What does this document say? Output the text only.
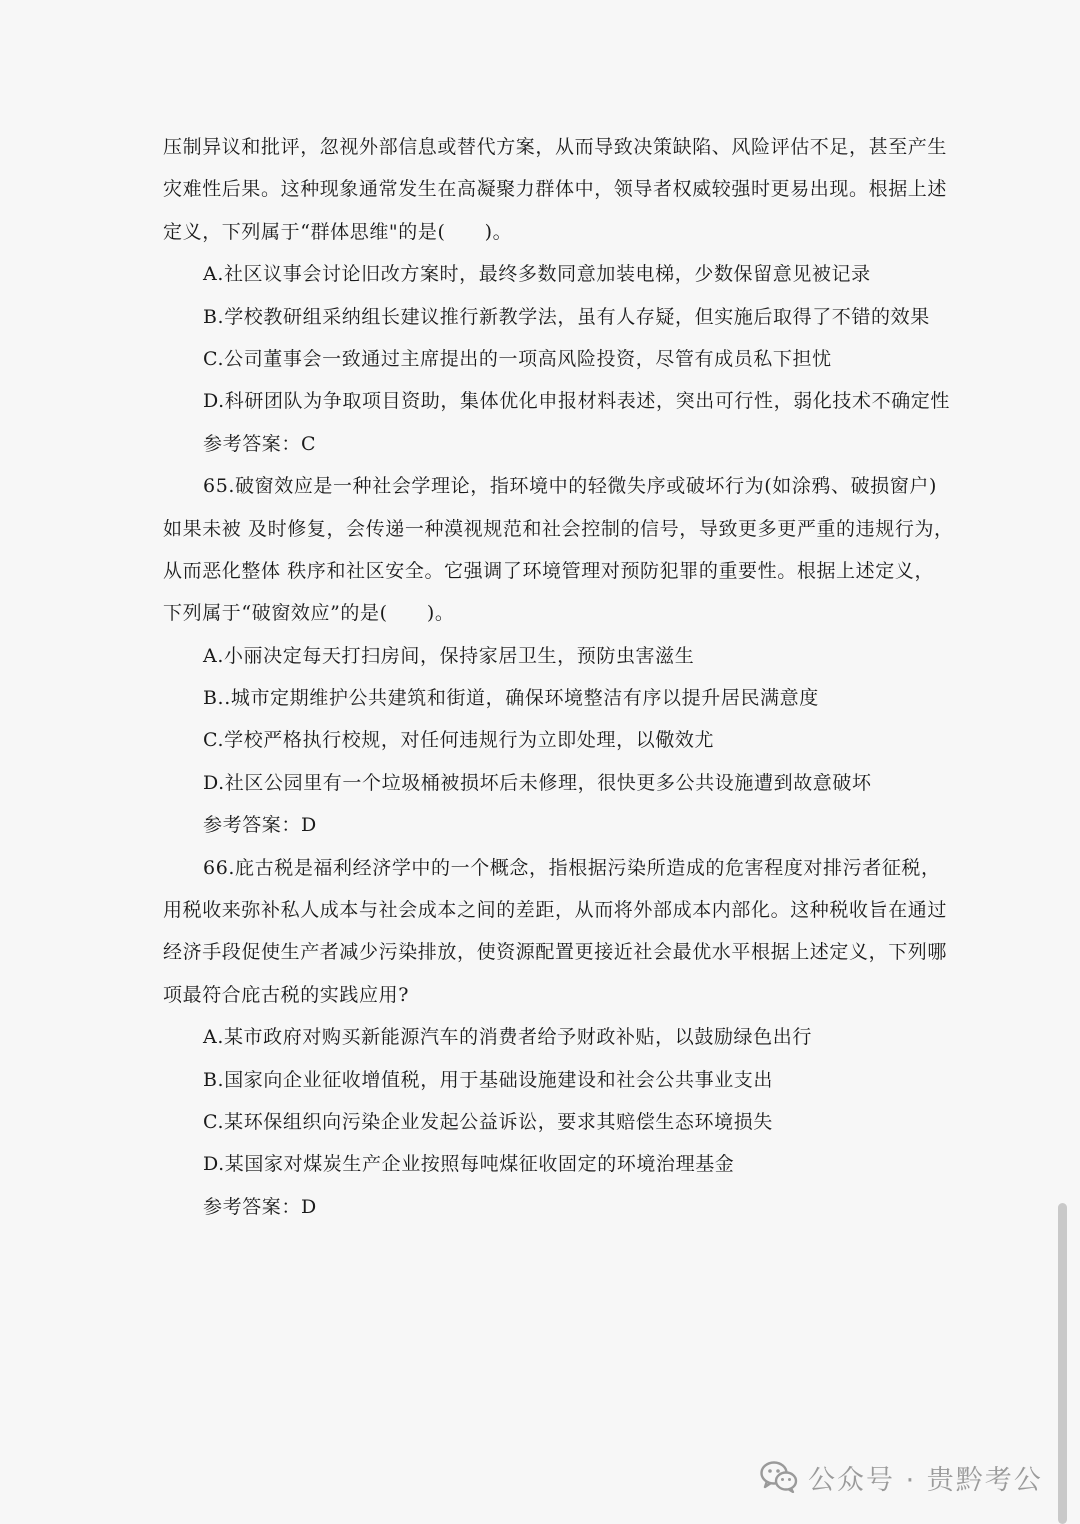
压制异议和批评，忽视外部信息或替代方案，从而导致决策缺陷、风险评估不足，甚至产生
灾难性后果。这种现象通常发生在高凝聚力群体中，领导者权威较强时更易出现。根据上述
定义，下列属于“群体思维"的是(　　)。
A.社区议事会讨论旧改方案时，最终多数同意加装电梯，少数保留意见被记录
B.学校教研组采纳组长建议推行新教学法，虽有人存疑，但实施后取得了不错的效果
C.公司董事会一致通过主席提出的一项高风险投资，尽管有成员私下担忧
D.科研团队为争取项目资助，集体优化申报材料表述，突出可行性，弱化技术不确定性
参考答案：C
65.破窗效应是一种社会学理论，指环境中的轻微失序或破坏行为(如涂鸦、破损窗户)
如果未被 及时修复，会传递一种漠视规范和社会控制的信号，导致更多更严重的违规行为，
从而恶化整体 秩序和社区安全。它强调了环境管理对预防犯罪的重要性。根据上述定义，
下列属于“破窗效应”的是(　　)。
A.小丽决定每天打扫房间，保持家居卫生，预防虫害滋生
B..城市定期维护公共建筑和街道，确保环境整洁有序以提升居民满意度
C.学校严格执行校规，对任何违规行为立即处理，以儆效尤
D.社区公园里有一个垃圾桶被损坏后未修理，很快更多公共设施遭到故意破坏
参考答案：D
66.庇古税是福利经济学中的一个概念，指根据污染所造成的危害程度对排污者征税，
用税收来弥补私人成本与社会成本之间的差距，从而将外部成本内部化。这种税收旨在通过
经济手段促使生产者减少污染排放，使资源配置更接近社会最优水平根据上述定义，下列哪
项最符合庇古税的实践应用?
A.某市政府对购买新能源汽车的消费者给予财政补贴，以鼓励绿色出行
B.国家向企业征收增值税，用于基础设施建设和社会公共事业支出
C.某环保组织向污染企业发起公益诉讼，要求其赔偿生态环境损失
D.某国家对煤炭生产企业按照每吨煤征收固定的环境治理基金
参考答案：D
公众号 · 贵黔考公
